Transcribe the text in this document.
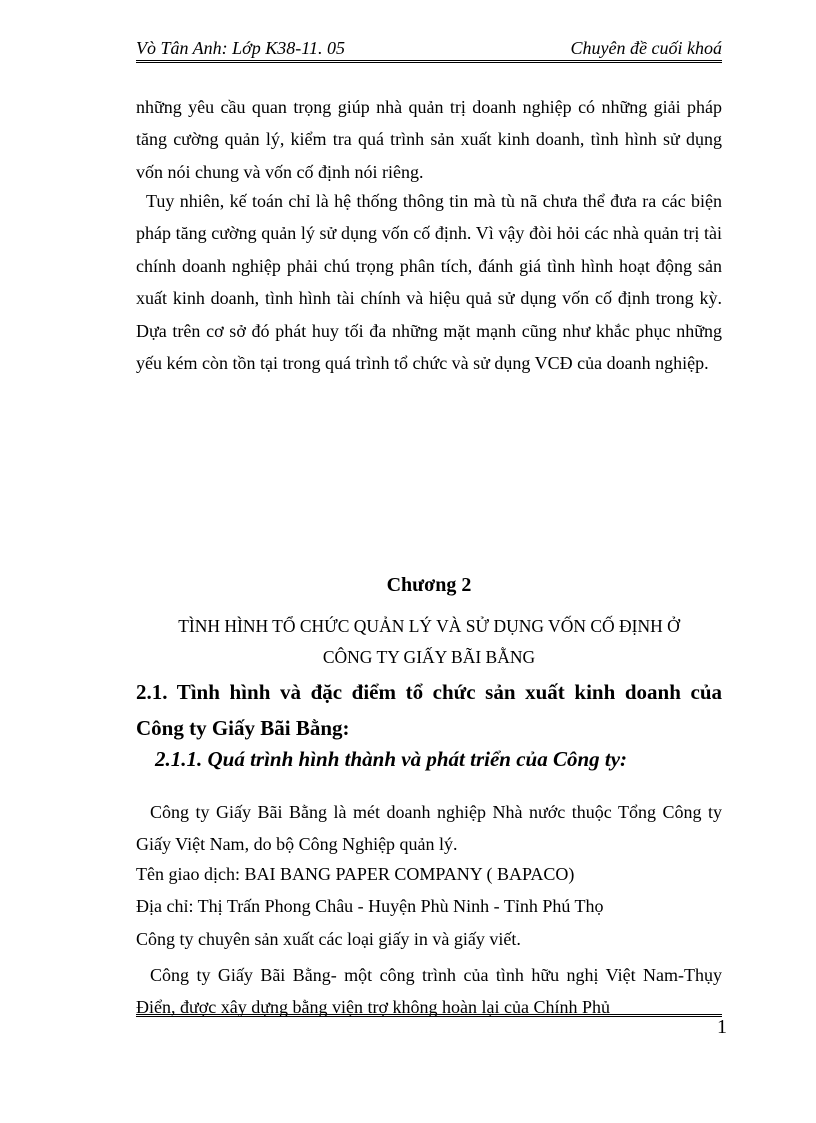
Vò Tân Anh: Lớp K38-11. 05	Chuyên đề cuối khoá
những yêu cầu quan trọng giúp nhà quản trị doanh nghiệp có những giải pháp tăng cường quản lý, kiểm tra quá trình sản xuất kinh doanh, tình hình sử dụng vốn nói chung và vốn cố định nói riêng.
Tuy nhiên, kế toán chỉ là hệ thống thông tin mà tù nã chưa thể đưa ra các biện pháp tăng cường quản lý sử dụng vốn cố định. Vì vậy đòi hỏi các nhà quản trị tài chính doanh nghiệp phải chú trọng phân tích, đánh giá tình hình hoạt động sản xuất kinh doanh, tình hình tài chính và hiệu quả sử dụng vốn cố định trong kỳ. Dựa trên cơ sở đó phát huy tối đa những mặt mạnh cũng như khắc phục những yếu kém còn tồn tại trong quá trình tổ chức và sử dụng VCĐ của doanh nghiệp.
Chương 2
TÌNH HÌNH TỔ CHỨC QUẢN LÝ VÀ SỬ DỤNG VỐN CỐ ĐỊNH Ở
CÔNG TY GIẤY BÃI BẰNG
2.1. Tình hình và đặc điểm tổ chức sản xuất kinh doanh của Công ty Giấy Bãi Bằng:
2.1.1. Quá trình hình thành và phát triển của Công ty:
Công ty Giấy Bãi Bằng là mét doanh nghiệp Nhà nước thuộc Tổng Công ty Giấy Việt Nam, do bộ Công Nghiệp quản lý.
Tên giao dịch: BAI BANG PAPER COMPANY ( BAPACO)
Địa chỉ: Thị Trấn Phong Châu - Huyện Phù Ninh - Tỉnh Phú Thọ
Công ty chuyên sản xuất các loại giấy in và giấy viết.
Công ty Giấy Bãi Bằng- một công trình của tình hữu nghị Việt Nam-Thụy Điển, được xây dựng bằng viện trợ không hoàn lại của Chính Phủ
1
